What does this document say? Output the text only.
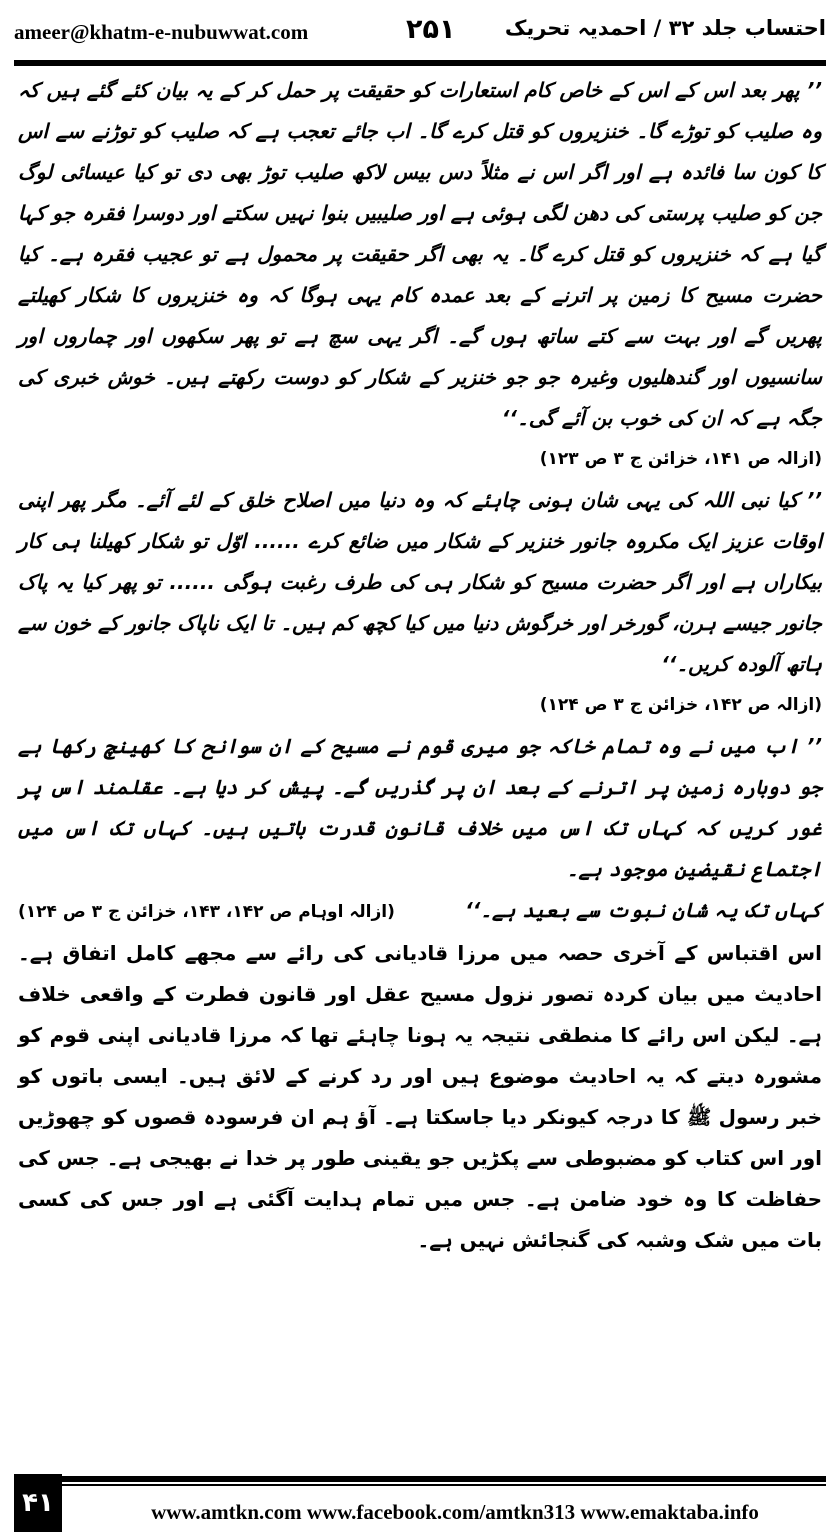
ameer@khatm-e-nubuwwat.com	۲۵۱ احتساب جلد ۳۲ / احمدیہ تحریک

’’ پھر بعد اس کے اس کے خاص کام استعارات کو حقیقت پر حمل کر کے یہ بیان کئے گئے ہیں کہ وہ صلیب کو توڑے گا۔ خنزیروں کو قتل کرے گا۔ اب جائے تعجب ہے کہ صلیب کو توڑنے سے اس کا کون سا فائدہ ہے اور اگر اس نے مثلاً دس بیس لاکھ صلیب توڑ بھی دی تو کیا عیسائی لوگ جن کو صلیب پرستی کی دھن لگی ہوئی ہے اور صلیبیں بنوا نہیں سکتے اور دوسرا فقرہ جو کہا گیا ہے کہ خنزیروں کو قتل کرے گا۔ یہ بھی اگر حقیقت پر محمول ہے تو عجیب فقرہ ہے۔ کیا حضرت مسیح کا زمین پر اترنے کے بعد عمدہ کام یہی ہوگا کہ وہ خنزیروں کا شکار کھیلتے پھریں گے اور بہت سے کتے ساتھ ہوں گے۔ اگر یہی سچ ہے تو پھر سکھوں اور چماروں اور سانسیوں اور گندھلیوں وغیرہ جو جو خنزیر کے شکار کو دوست رکھتے ہیں۔ خوش خبری کی جگہ ہے کہ ان کی خوب بن آئے گی۔‘‘

(ازالہ ص ۱۴۱، خزائن ج ۳ ص ۱۲۳)

’’ کیا نبی اللہ کی یہی شان ہونی چاہئے کہ وہ دنیا میں اصلاح خلق کے لئے آئے۔ مگر پھر اپنی اوقات عزیز ایک مکروہ جانور خنزیر کے شکار میں ضائع کرے ...... اوّل تو شکار کھیلنا ہی کار بیکاراں ہے اور اگر حضرت مسیح کو شکار ہی کی طرف رغبت ہوگی ...... تو پھر کیا یہ پاک جانور جیسے ہرن، گورخر اور خرگوش دنیا میں کیا کچھ کم ہیں۔ تا ایک ناپاک جانور کے خون سے ہاتھ آلودہ کریں۔‘‘

(ازالہ ص ۱۴۲، خزائن ج ۳ ص ۱۲۴)

’’ اب میں نے وہ تمام خاکہ جو میری قوم نے مسیح کے ان سوانح کا کھینچ رکھا ہے جو دوبارہ زمین پر اترنے کے بعد ان پر گذریں گے۔ پیش کر دیا ہے۔ عقلمند اس پر غور کریں کہ کہاں تک اس میں خلاف قانون قدرت باتیں ہیں۔ کہاں تک اس میں اجتماع نقیضین موجود ہے۔

کہاں تک یہ شان نبوت سے بعید ہے۔‘‘
(ازالہ اوہام ص ۱۴۲، ۱۴۳، خزائن ج ۳ ص ۱۲۴)

اس اقتباس کے آخری حصہ میں مرزا قادیانی کی رائے سے مجھے کامل اتفاق ہے۔ احادیث میں بیان کردہ تصور نزول مسیح عقل اور قانون فطرت کے واقعی خلاف ہے۔ لیکن اس رائے کا منطقی نتیجہ یہ ہونا چاہئے تھا کہ مرزا قادیانی اپنی قوم کو مشورہ دیتے کہ یہ احادیث موضوع ہیں اور رد کرنے کے لائق ہیں۔ ایسی باتوں کو خبر رسول ﷺ کا درجہ کیونکر دیا جاسکتا ہے۔ آؤ ہم ان فرسودہ قصوں کو چھوڑیں اور اس کتاب کو مضبوطی سے پکڑیں جو یقینی طور پر خدا نے بھیجی ہے۔ جس کی حفاظت کا وہ خود ضامن ہے۔ جس میں تمام ہدایت آگئی ہے اور جس کی کسی بات میں شک وشبہ کی گنجائش نہیں ہے۔

۴۱	www.amtkn.com www.facebook.com/amtkn313 www.emaktaba.info
